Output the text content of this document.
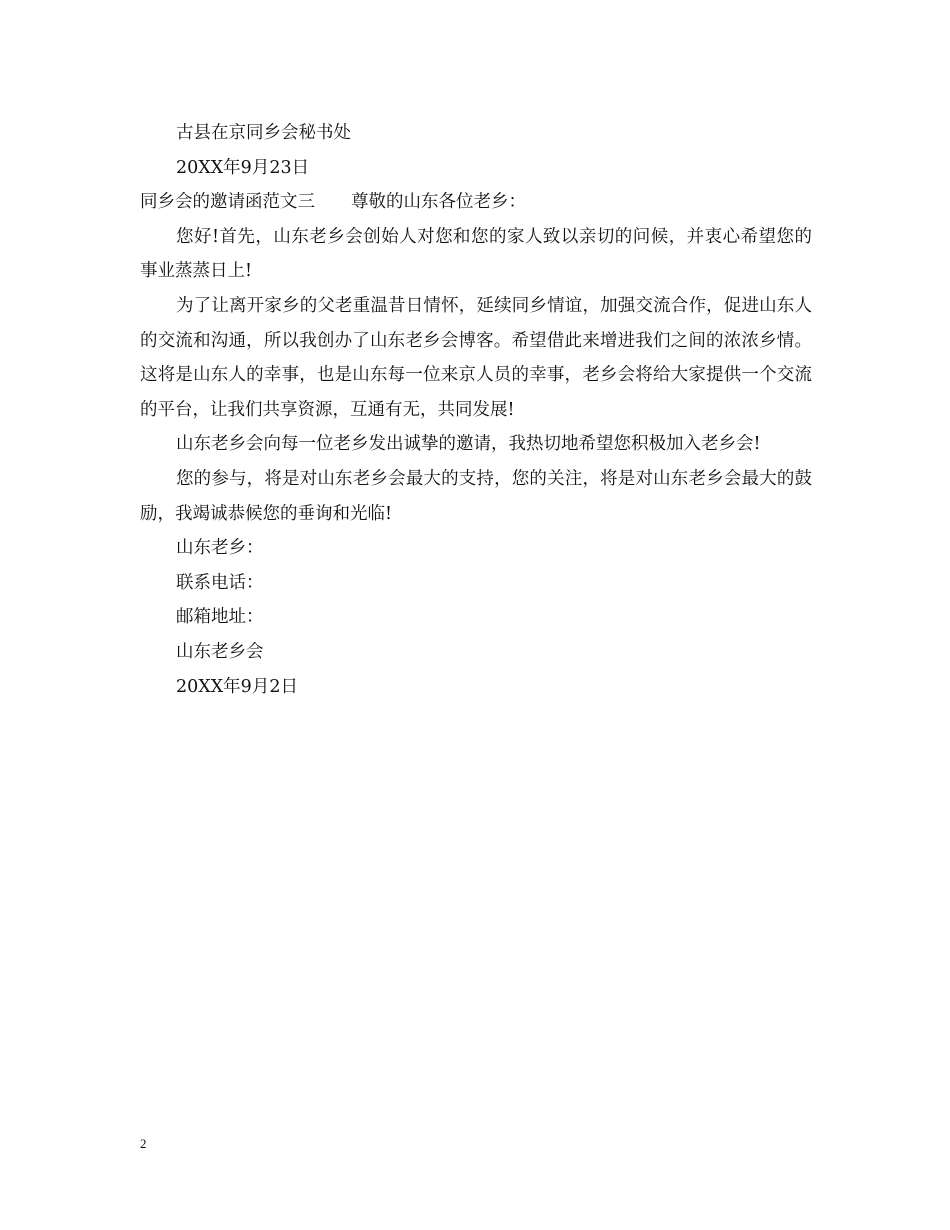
古县在京同乡会秘书处

20XX年9月23日

同乡会的邀请函范文三 尊敬的山东各位老乡：

您好!首先，山东老乡会创始人对您和您的家人致以亲切的问候，并衷心希望您的事业蒸蒸日上!

为了让离开家乡的父老重温昔日情怀，延续同乡情谊，加强交流合作，促进山东人的交流和沟通，所以我创办了山东老乡会博客。希望借此来增进我们之间的浓浓乡情。这将是山东人的幸事，也是山东每一位来京人员的幸事，老乡会将给大家提供一个交流的平台，让我们共享资源，互通有无，共同发展!

山东老乡会向每一位老乡发出诚挚的邀请，我热切地希望您积极加入老乡会!

您的参与，将是对山东老乡会最大的支持，您的关注，将是对山东老乡会最大的鼓励，我竭诚恭候您的垂询和光临!

山东老乡：

联系电话：

邮箱地址：

山东老乡会

20XX年9月2日

2
